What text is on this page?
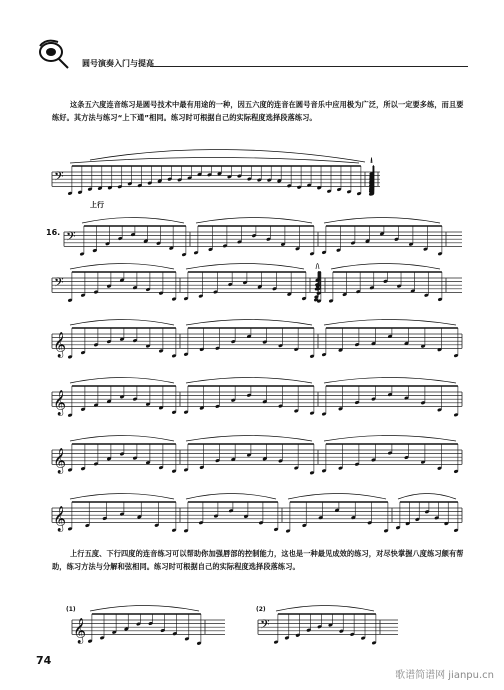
圆号演奏入门与提高
这条五六度连音练习是圆号技术中最有用途的一种，因五六度的连音在圆号音乐中应用极为广泛，所以一定要多练，而且要练好。其方法与练习“上下通”相同。练习时可根据自己的实际程度选择段落练习。
上行
16.
𝄢
𝄢
𝄢
𝄞
𝄞
𝄞
𝄞
𝄞	𝄢
上行五度、下行四度的连音练习可以帮助你加强唇部的控制能力，这也是一种最见成效的练习，对尽快掌握八度练习颇有帮助，练习方法与分解和弦相同。练习时可根据自己的实际程度选择段落练习。
(1)	(2)
74
歌谱简谱网 jianpu.cn
